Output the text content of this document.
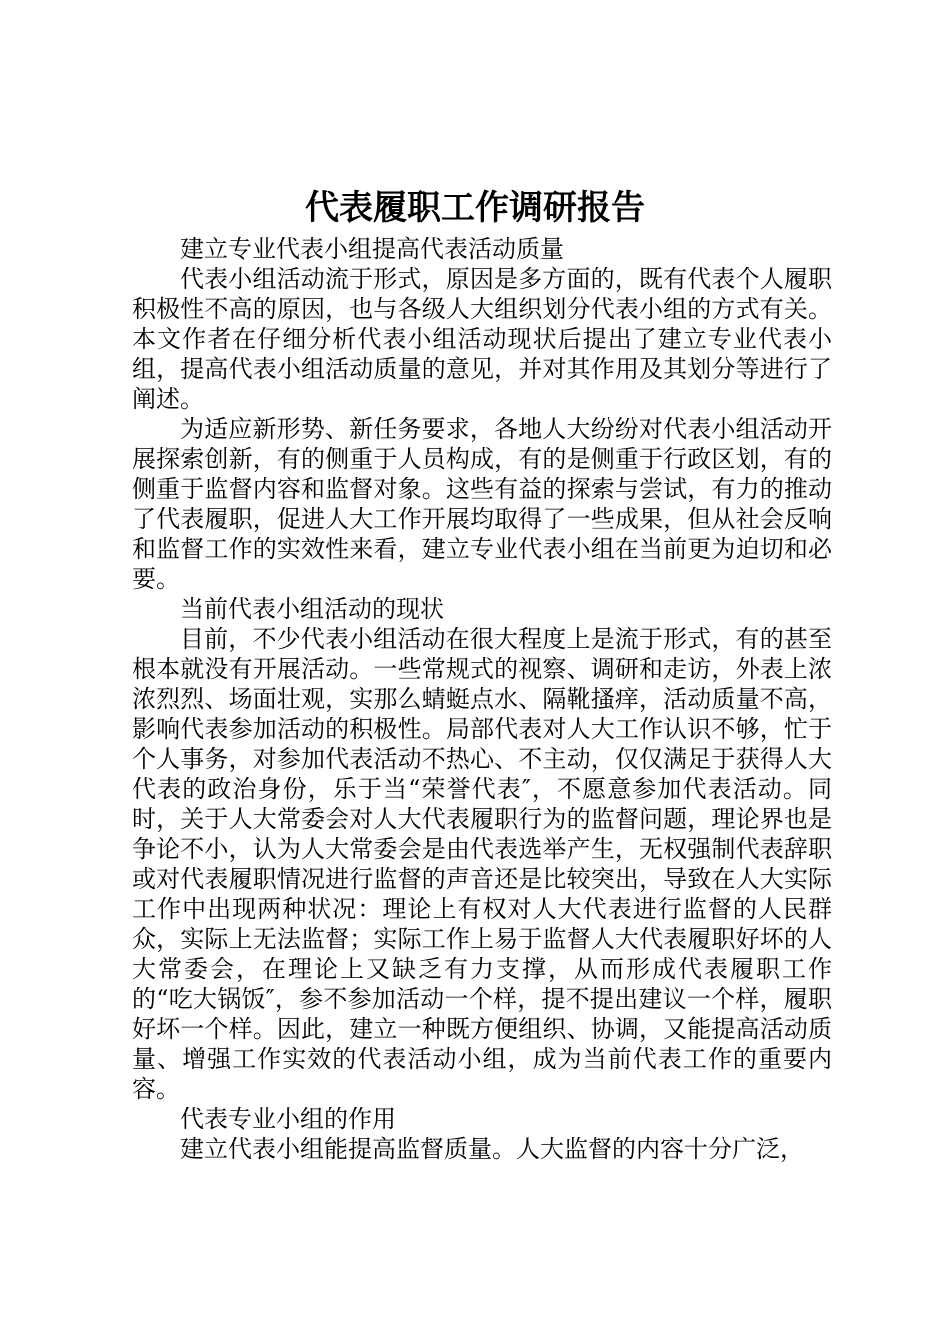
代表履职工作调研报告

建立专业代表小组提高代表活动质量

代表小组活动流于形式，原因是多方面的，既有代表个人履职积极性不高的原因，也与各级人大组织划分代表小组的方式有关。本文作者在仔细分析代表小组活动现状后提出了建立专业代表小组，提高代表小组活动质量的意见，并对其作用及其划分等进行了阐述。

为适应新形势、新任务要求，各地人大纷纷对代表小组活动开展探索创新，有的侧重于人员构成，有的是侧重于行政区划，有的侧重于监督内容和监督对象。这些有益的探索与尝试，有力的推动了代表履职，促进人大工作开展均取得了一些成果，但从社会反响和监督工作的实效性来看，建立专业代表小组在当前更为迫切和必要。

当前代表小组活动的现状

目前，不少代表小组活动在很大程度上是流于形式，有的甚至根本就没有开展活动。一些常规式的视察、调研和走访，外表上浓浓烈烈、场面壮观，实那么蜻蜓点水、隔靴搔痒，活动质量不高，影响代表参加活动的积极性。局部代表对人大工作认识不够，忙于个人事务，对参加代表活动不热心、不主动，仅仅满足于获得人大代表的政治身份，乐于当“荣誉代表″，不愿意参加代表活动。同时，关于人大常委会对人大代表履职行为的监督问题，理论界也是争论不小，认为人大常委会是由代表选举产生，无权强制代表辞职或对代表履职情况进行监督的声音还是比较突出，导致在人大实际工作中出现两种状况：理论上有权对人大代表进行监督的人民群众，实际上无法监督；实际工作上易于监督人大代表履职好坏的人大常委会，在理论上又缺乏有力支撑，从而形成代表履职工作的“吃大锅饭″，参不参加活动一个样，提不提出建议一个样，履职好坏一个样。因此，建立一种既方便组织、协调，又能提高活动质量、增强工作实效的代表活动小组，成为当前代表工作的重要内容。

代表专业小组的作用

建立代表小组能提高监督质量。人大监督的内容十分广泛，
